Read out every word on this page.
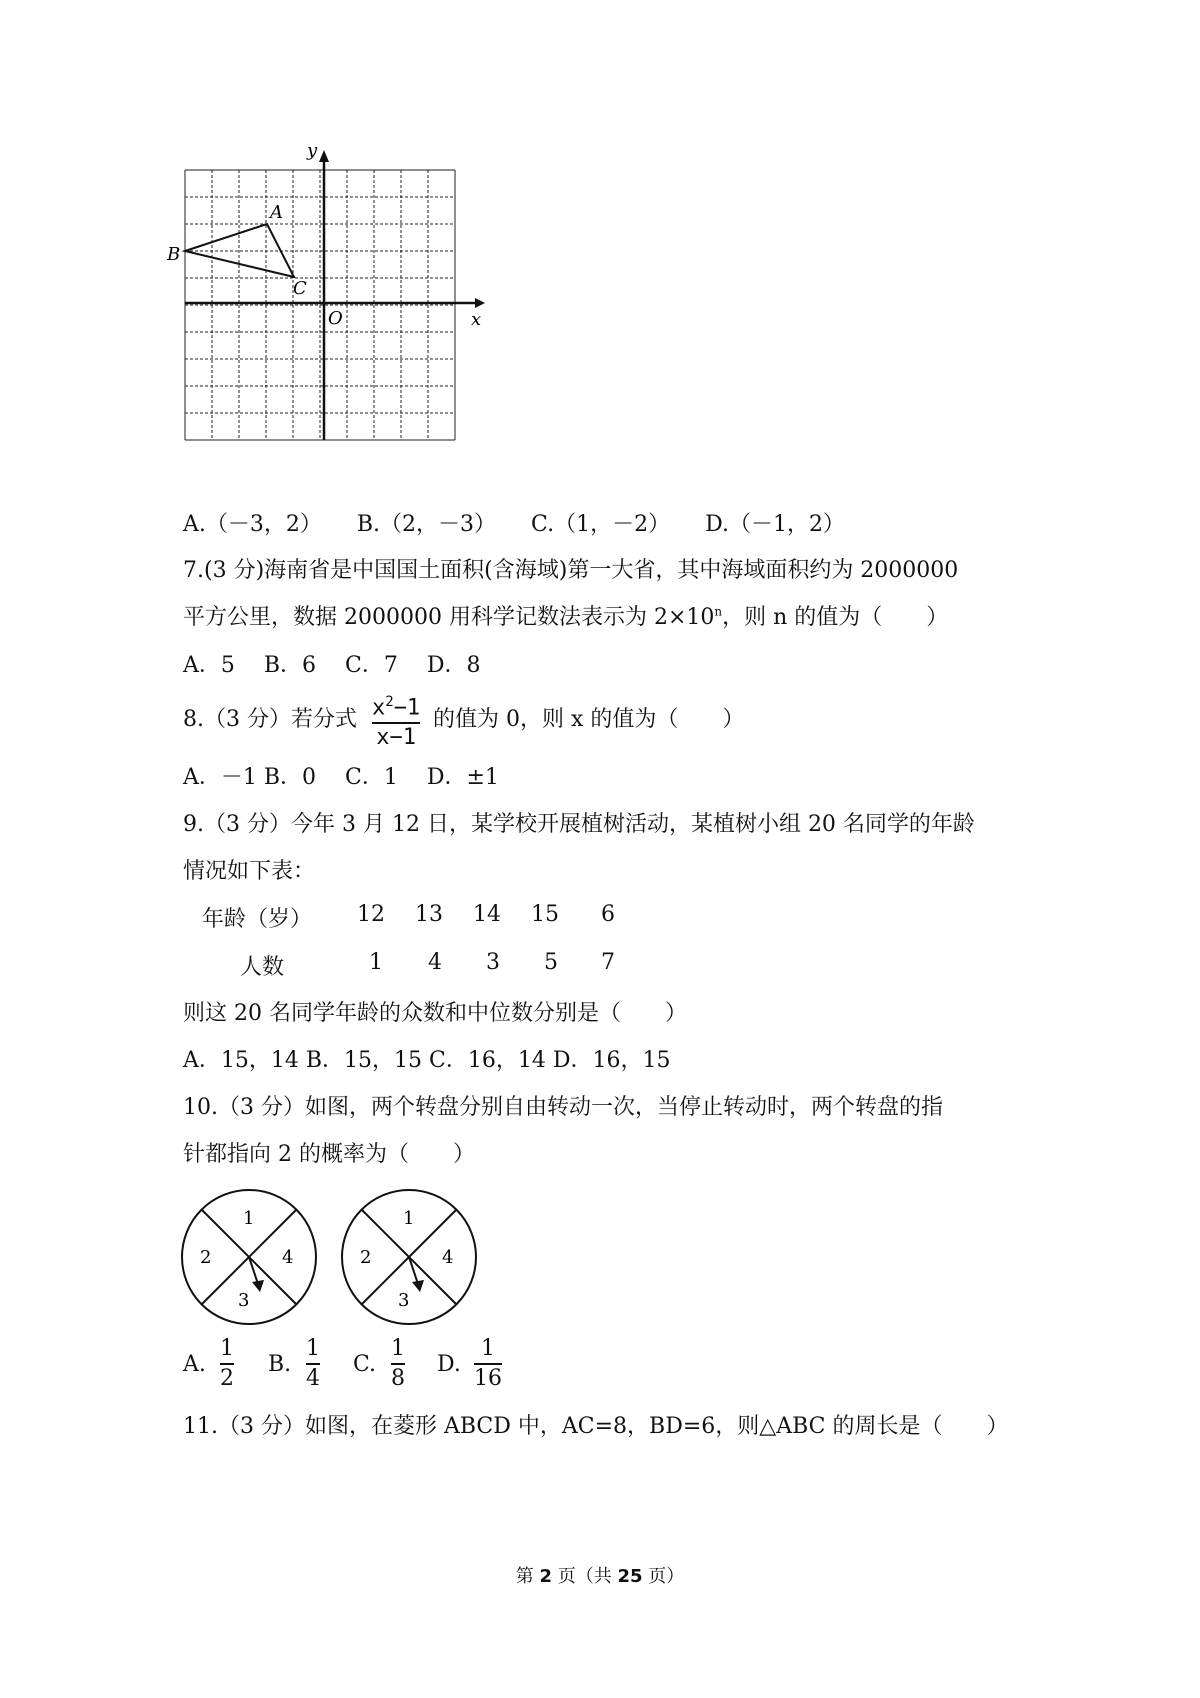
y
x
O
A
B
C
A.（－3，2） B.（2，－3） C.（1，－2） D.（－1，2）
7.(3 分)海南省是中国国土面积(含海域)第一大省，其中海域面积约为 2000000
平方公里，数据 2000000 用科学记数法表示为 $2\times 10^n$，则 n 的值为（　　）
A．5　 B．6　 C．7　 D．8
8.（3 分）若分式 $x^2-1$
x−1
的值为 0，则 x 的值为（　　）
A．－1 B．0　 C．1　 D．±1
9.（3 分）今年 3 月 12 日，某学校开展植树活动，某植树小组 20 名同学的年龄
情况如下表：
年龄（岁） 12 13 14 15 6
人数	1 4 3 5 7
则这 20 名同学年龄的众数和中位数分别是（　　）
A．15，14 B．15，15 C．16，14 D．16，15
10.（3 分）如图，两个转盘分别自由转动一次，当停止转动时，两个转盘的指
针都指向 2 的概率为（　　）
1
2
3
4
1
2
3
4
A.
1
2
B.
1
4
C.
1
8
D.
1
16
11.（3 分）如图，在菱形 ABCD 中，AC=8，BD=6，则△ABC 的周长是（　　）
第 2 页（共 25 页）
